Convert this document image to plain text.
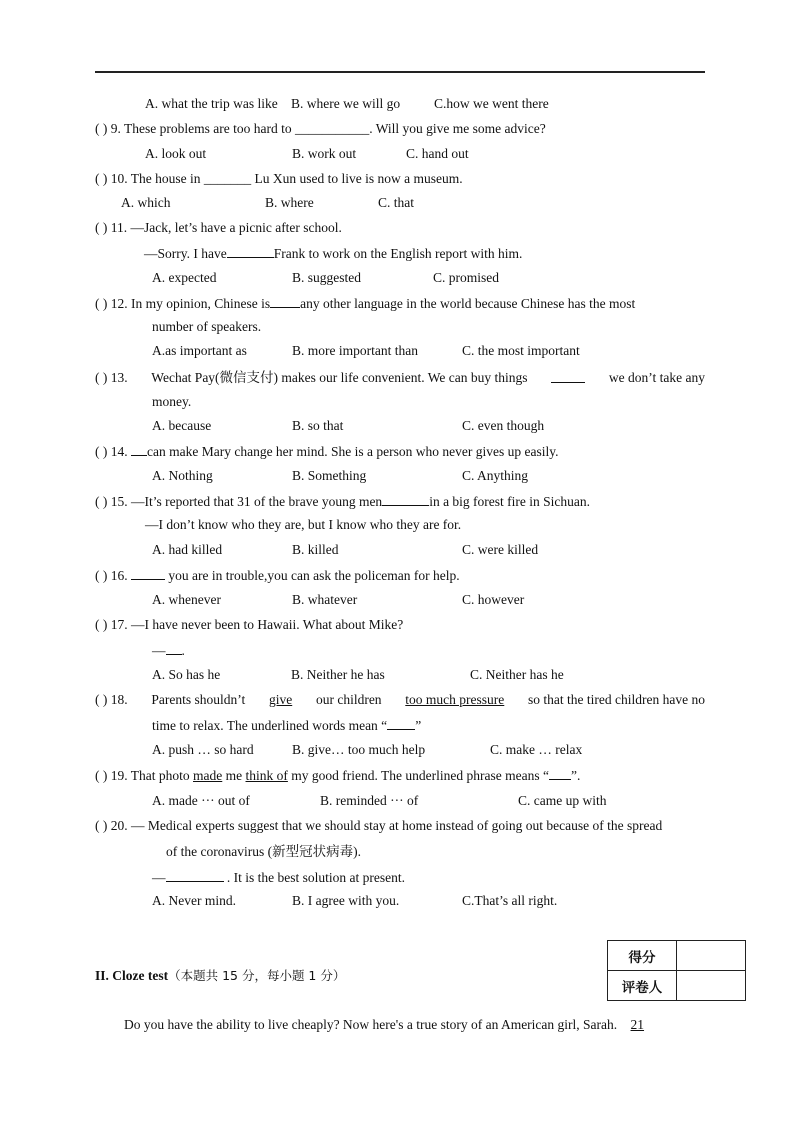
A. what the trip was like B. where we will go	C.how we went there
( ) 9. These problems are too hard to ___________. Will you give me some advice?
A. look out	B. work out	C. hand out
( ) 10. The house in _______ Lu Xun used to live is now a museum.
A. which	B. where	C. that
( ) 11. —Jack, let’s have a picnic after school.
—Sorry. I have	Frank to work on the English report with him.
A. expected	B. suggested	C. promised
( ) 12. In my opinion, Chinese is any other language in the world because Chinese has the most
number of speakers.
A.as important as	B. more important than	C. the most important
( ) 13. Wechat Pay(微信支付) makes our life convenient. We can buy things	we don’t take any
money.
A. because	B. so that	C. even though
( ) 14. can make Mary change her mind. She is a person who never gives up easily.
A. Nothing	B. Something	C. Anything
( ) 15. —It’s reported that 31 of the brave young men	in a big forest fire in Sichuan.
—I don’t know who they are, but I know who they are for.
A. had killed	B. killed	C. were killed
( ) 16.	you are in trouble,you can ask the policeman for help.
A. whenever	B. whatever	C. however
( ) 17. —I have never been to Hawaii. What about Mike?
— .
A. So has he	B. Neither he has	C. Neither has he
( ) 18. Parents shouldn’t give our children too much pressure so that the tired children have no
time to relax. The underlined words mean “ ”
A. push … so hard	B. give… too much help	C. make … relax
( ) 19. That photo made me think of my good friend. The underlined phrase means “ ”.
A. made ··· out of	B. reminded ··· of	C. came up with
( ) 20. — Medical experts suggest that we should stay at home instead of going out because of the spread
of the coronavirus (新型冠状病毒).
—	. It is the best solution at present.
A. Never mind.	B. I agree with you.	C.That’s all right.
得分	
评卷人	
II. Cloze test（本题共 15 分，每小题 1 分）
Do you have the ability to live cheaply? Now here's a true story of an American girl, Sarah. 21
